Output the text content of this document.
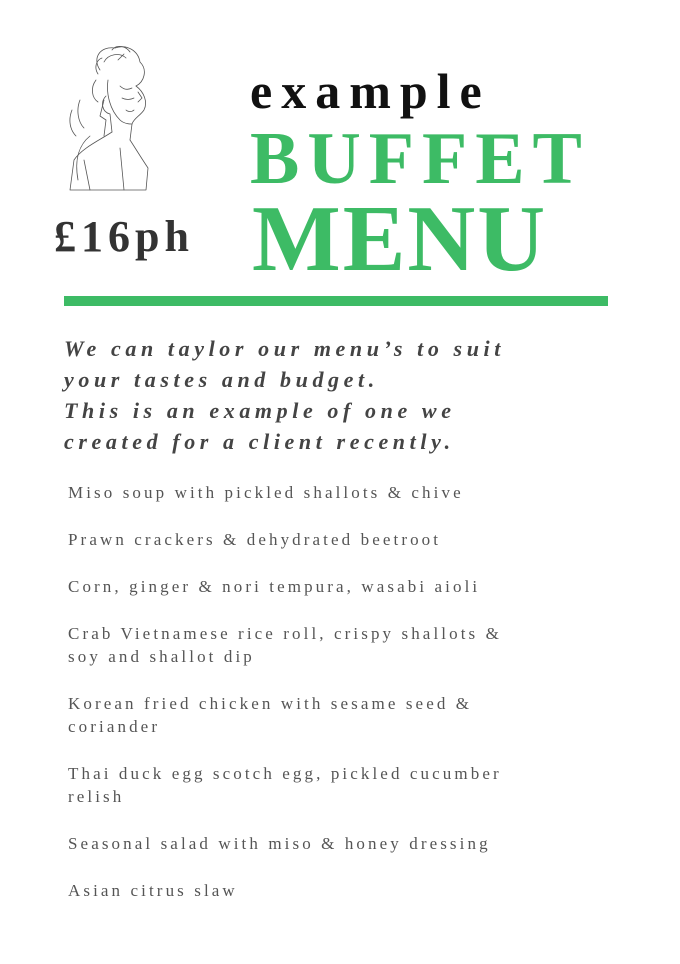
example
BUFFET
MENU
£16ph
We can taylor our menu’s to suit
your tastes and budget.
This is an example of one we
created for a client recently.
Miso soup with pickled shallots & chive
Prawn crackers & dehydrated beetroot
Corn, ginger & nori tempura, wasabi aioli
Crab Vietnamese rice roll, crispy shallots &
soy and shallot dip
Korean fried chicken with sesame seed &
coriander
Thai duck egg scotch egg, pickled cucumber
relish
Seasonal salad with miso & honey dressing
Asian citrus slaw
